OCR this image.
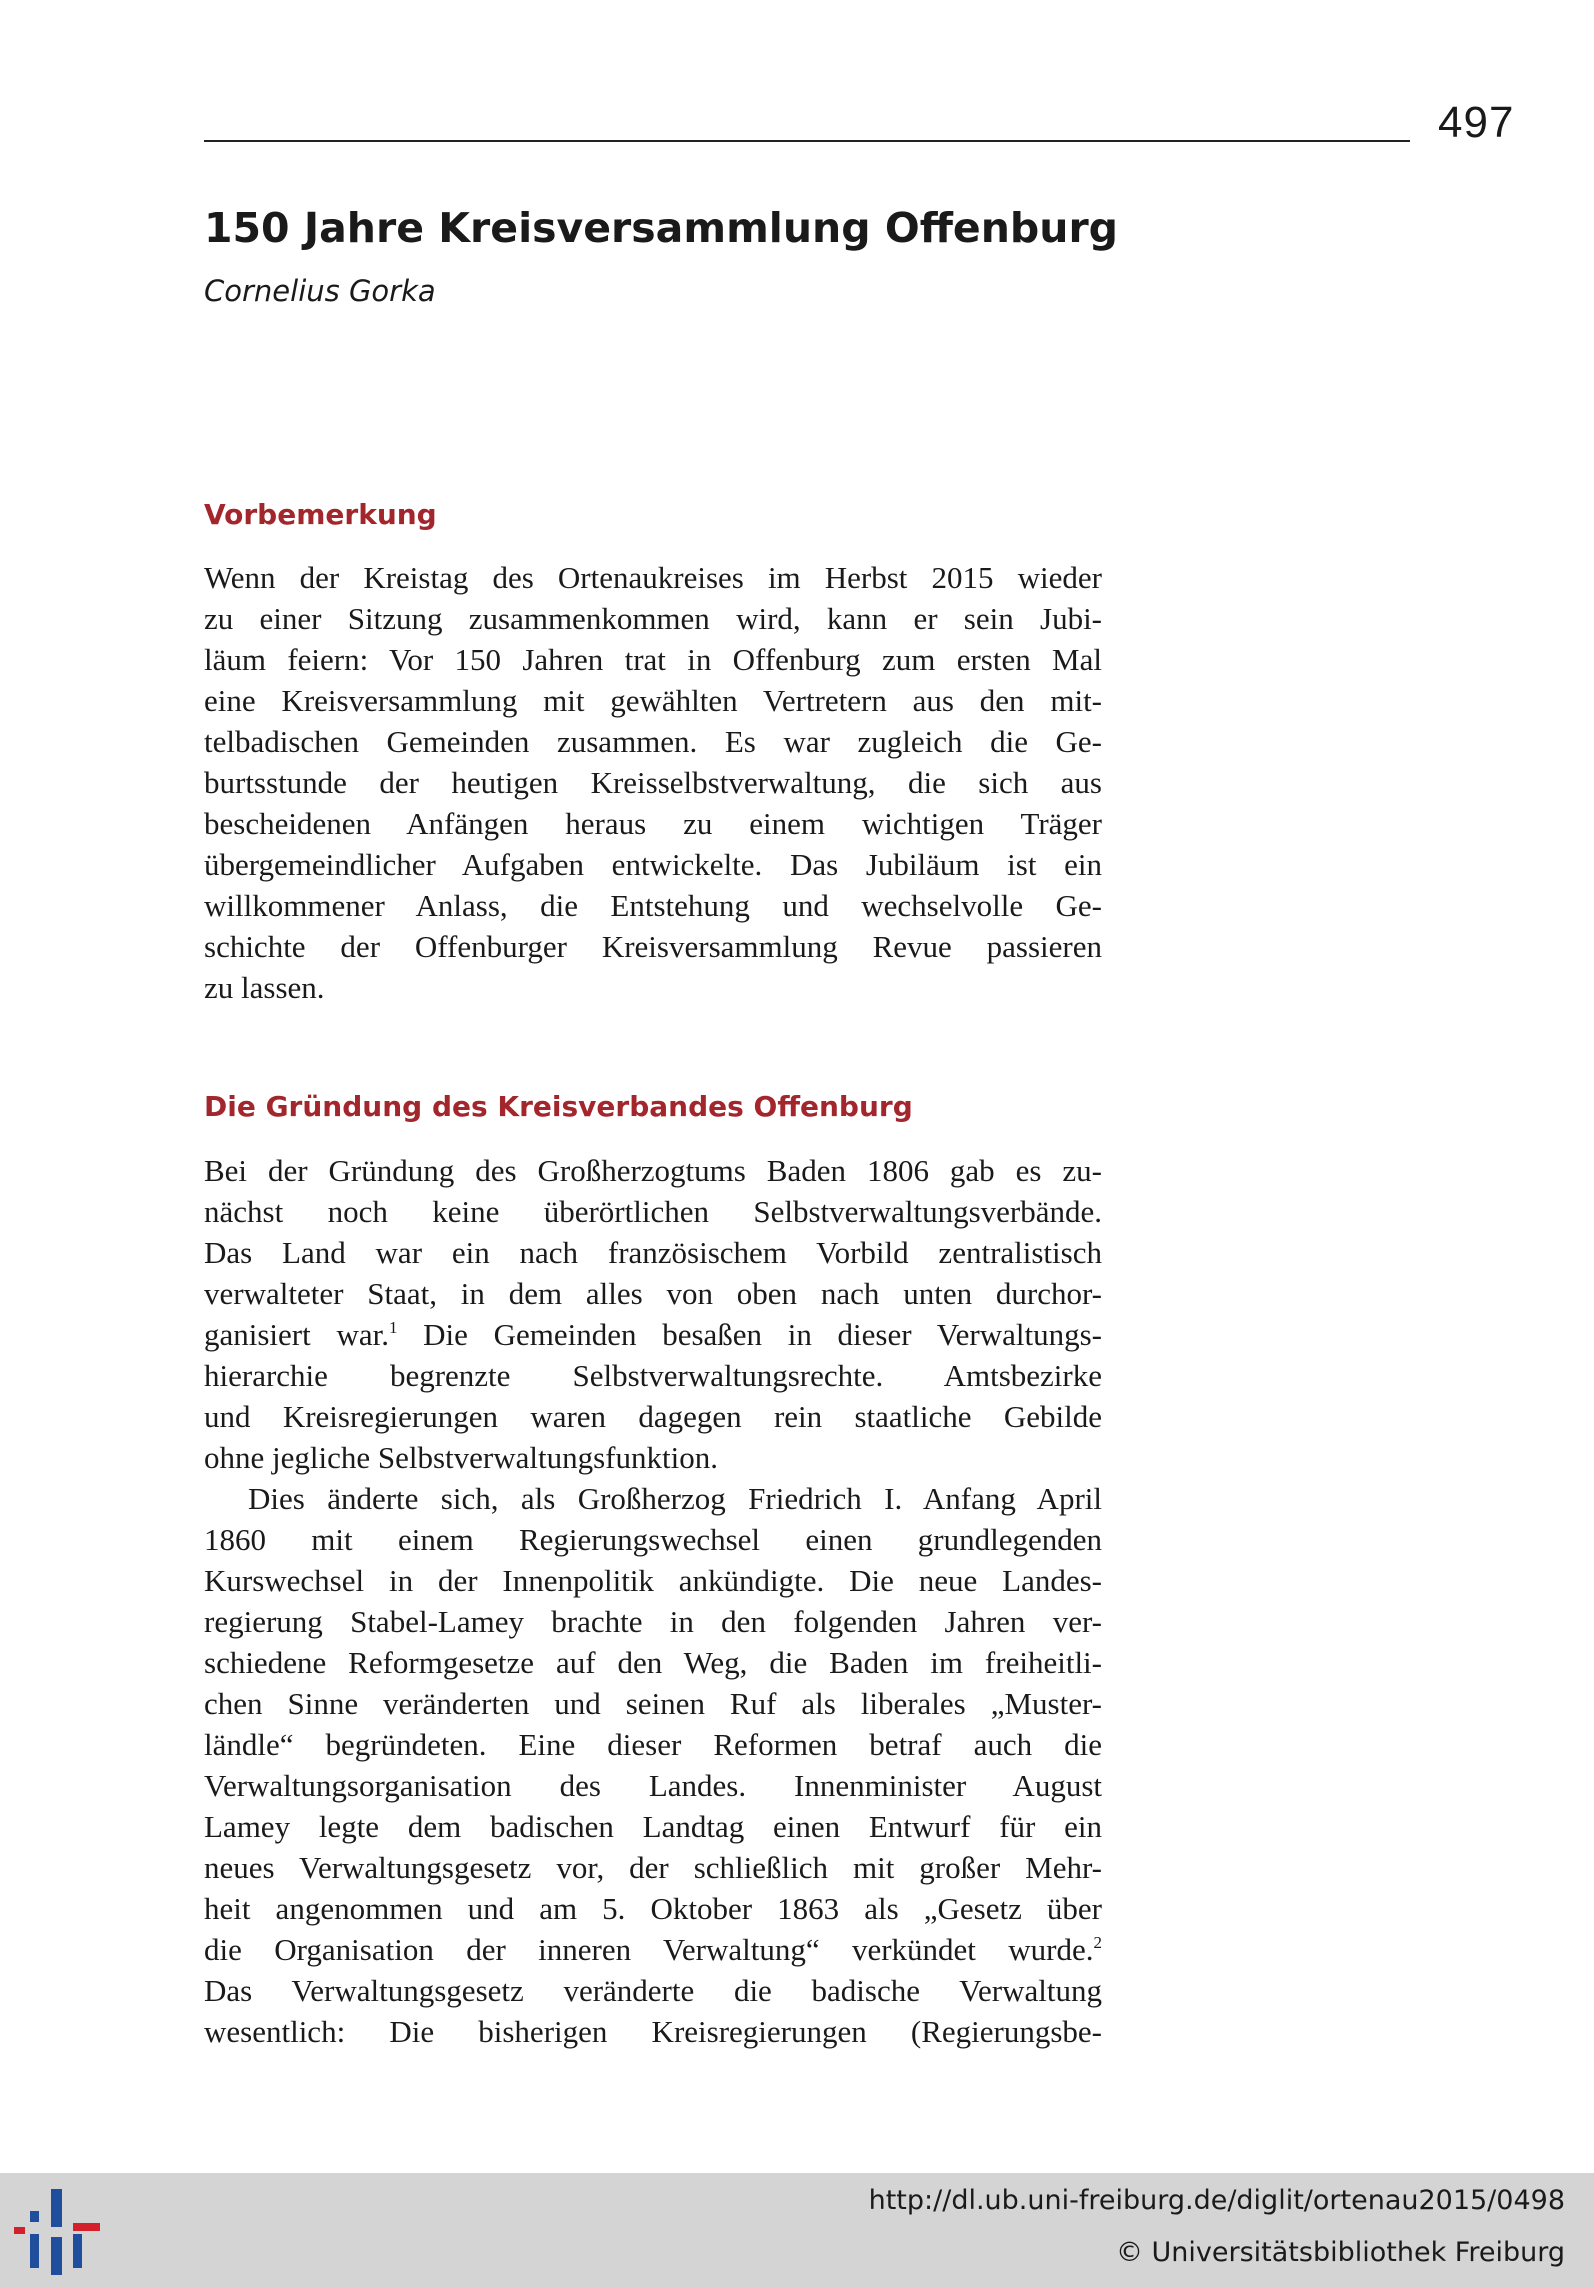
497
150 Jahre Kreisversammlung Offenburg

Cornelius Gorka

Vorbemerkung
Wenn der Kreistag des Ortenaukreises im Herbst 2015 wieder
zu einer Sitzung zusammenkommen wird, kann er sein Jubi-
läum feiern: Vor 150 Jahren trat in Offenburg zum ersten Mal
eine Kreisversammlung mit gewählten Vertretern aus den mit-
telbadischen Gemeinden zusammen. Es war zugleich die Ge-
burtsstunde der heutigen Kreisselbstverwaltung, die sich aus
bescheidenen Anfängen heraus zu einem wichtigen Träger
übergemeindlicher Aufgaben entwickelte. Das Jubiläum ist ein
willkommener Anlass, die Entstehung und wechselvolle Ge-
schichte der Offenburger Kreisversammlung Revue passieren
zu lassen.
Die Gründung des Kreisverbandes Offenburg
Bei der Gründung des Großherzogtums Baden 1806 gab es zu-
nächst noch keine überörtlichen Selbstverwaltungsverbände.
Das Land war ein nach französischem Vorbild zentralistisch
verwalteter Staat, in dem alles von oben nach unten durchor-
ganisiert war.$^1$ Die Gemeinden besaßen in dieser Verwaltungs-
hierarchie begrenzte Selbstverwaltungsrechte. Amtsbezirke
und Kreisregierungen waren dagegen rein staatliche Gebilde
ohne jegliche Selbstverwaltungsfunktion.
Dies änderte sich, als Großherzog Friedrich I. Anfang April
1860 mit einem Regierungswechsel einen grundlegenden
Kurswechsel in der Innenpolitik ankündigte. Die neue Landes-
regierung Stabel-Lamey brachte in den folgenden Jahren ver-
schiedene Reformgesetze auf den Weg, die Baden im freiheitli-
chen Sinne veränderten und seinen Ruf als liberales „Muster-
ländle“ begründeten. Eine dieser Reformen betraf auch die
Verwaltungsorganisation des Landes. Innenminister August
Lamey legte dem badischen Landtag einen Entwurf für ein
neues Verwaltungsgesetz vor, der schließlich mit großer Mehr-
heit angenommen und am 5. Oktober 1863 als „Gesetz über
die Organisation der inneren Verwaltung“ verkündet wurde.$^2$
Das Verwaltungsgesetz veränderte die badische Verwaltung
wesentlich: Die bisherigen Kreisregierungen (Regierungsbe-
http://dl.ub.uni-freiburg.de/diglit/ortenau2015/0498
© Universitätsbibliothek Freiburg
